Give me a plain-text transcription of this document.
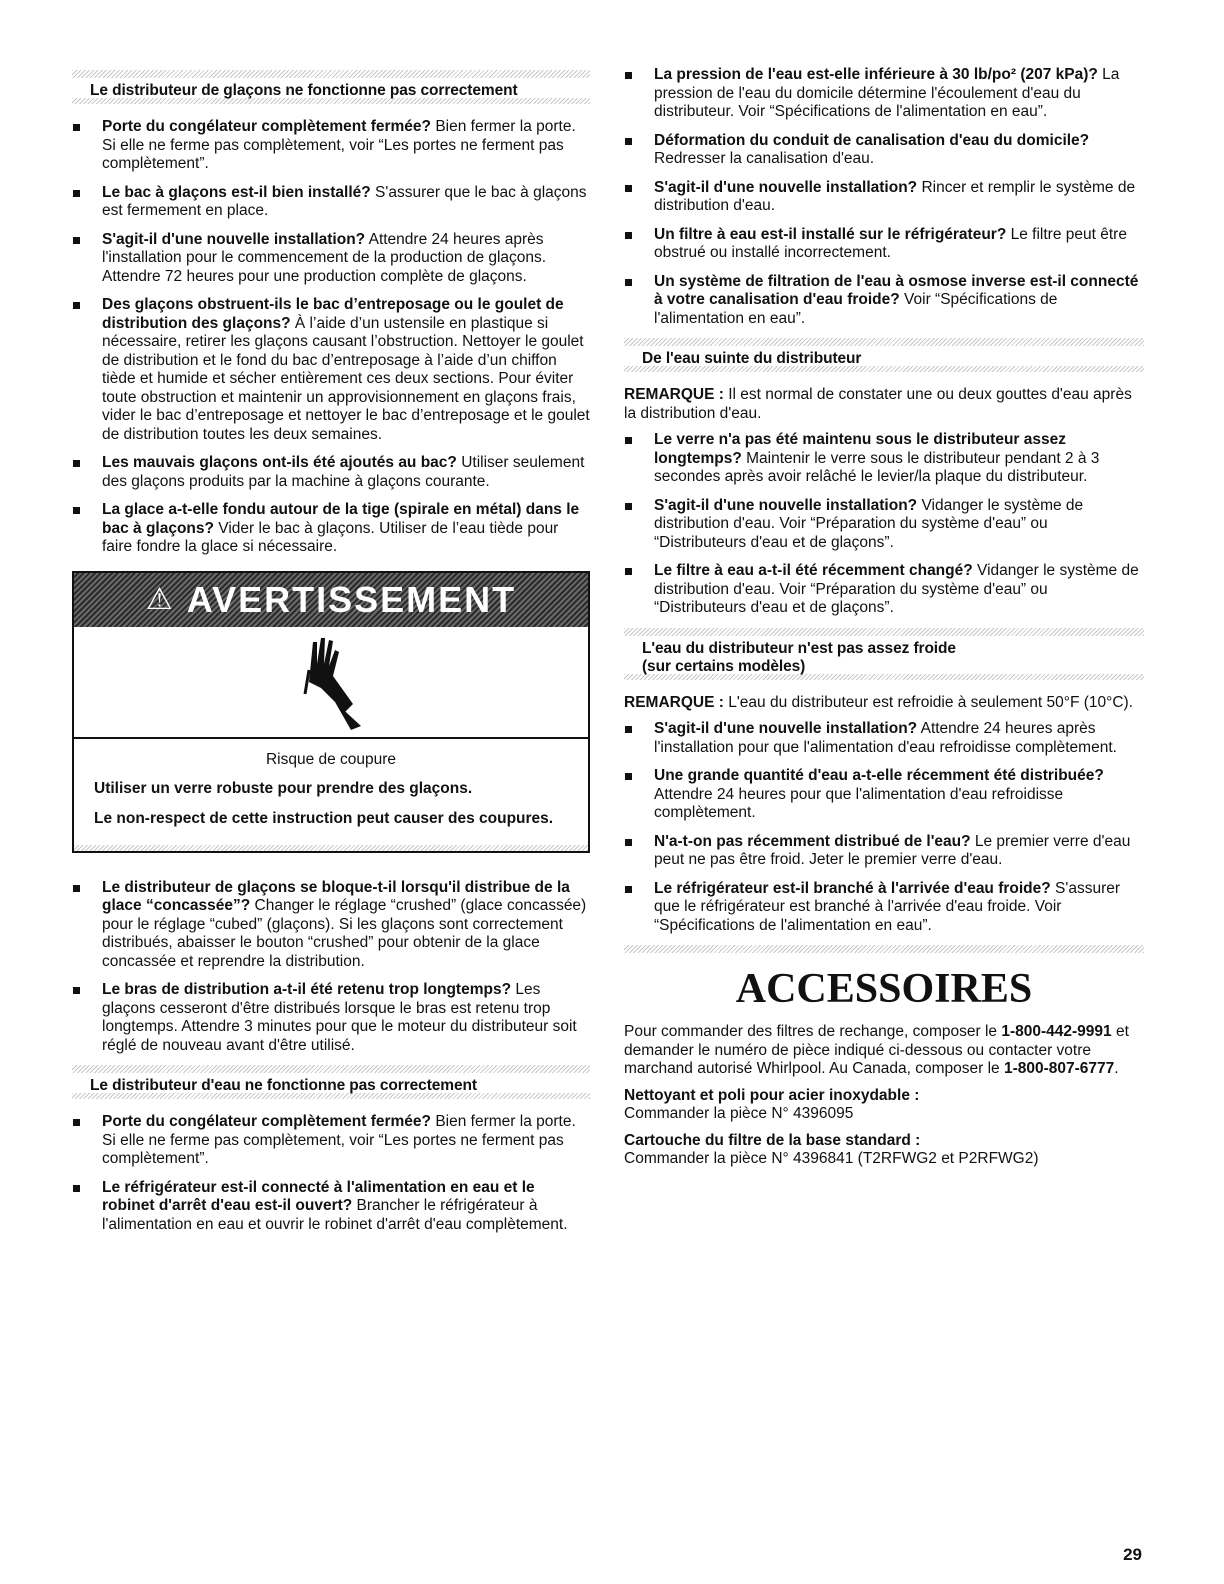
Le distributeur de glaçons ne fonctionne pas correctement
Porte du congélateur complètement fermée? Bien fermer la porte. Si elle ne ferme pas complètement, voir “Les portes ne ferment pas complètement”.
Le bac à glaçons est-il bien installé? S'assurer que le bac à glaçons est fermement en place.
S'agit-il d'une nouvelle installation? Attendre 24 heures après l'installation pour le commencement de la production de glaçons. Attendre 72 heures pour une production complète de glaçons.
Des glaçons obstruent-ils le bac d’entreposage ou le goulet de distribution des glaçons? À l’aide d’un ustensile en plastique si nécessaire, retirer les glaçons causant l’obstruction. Nettoyer le goulet de distribution et le fond du bac d’entreposage à l’aide d’un chiffon tiède et humide et sécher entièrement ces deux sections. Pour éviter toute obstruction et maintenir un approvisionnement en glaçons frais, vider le bac d’entreposage et nettoyer le bac d’entreposage et le goulet de distribution toutes les deux semaines.
Les mauvais glaçons ont-ils été ajoutés au bac? Utiliser seulement des glaçons produits par la machine à glaçons courante.
La glace a-t-elle fondu autour de la tige (spirale en métal) dans le bac à glaçons? Vider le bac à glaçons. Utiliser de l’eau tiède pour faire fondre la glace si nécessaire.
⚠ AVERTISSEMENT

Risque de coupure

Utiliser un verre robuste pour prendre des glaçons.

Le non-respect de cette instruction peut causer des coupures.

Le distributeur de glaçons se bloque-t-il lorsqu'il distribue de la glace “concassée”? Changer le réglage “crushed” (glace concassée) pour le réglage “cubed” (glaçons). Si les glaçons sont correctement distribués, abaisser le bouton “crushed” pour obtenir de la glace concassée et reprendre la distribution.
Le bras de distribution a-t-il été retenu trop longtemps? Les glaçons cesseront d'être distribués lorsque le bras est retenu trop longtemps. Attendre 3 minutes pour que le moteur du distributeur soit réglé de nouveau avant d'être utilisé.
Le distributeur d'eau ne fonctionne pas correctement
Porte du congélateur complètement fermée? Bien fermer la porte. Si elle ne ferme pas complètement, voir “Les portes ne ferment pas complètement”.
Le réfrigérateur est-il connecté à l'alimentation en eau et le robinet d'arrêt d'eau est-il ouvert? Brancher le réfrigérateur à l'alimentation en eau et ouvrir le robinet d'arrêt d'eau complètement.
La pression de l'eau est-elle inférieure à 30 lb/po² (207 kPa)? La pression de l'eau du domicile détermine l'écoulement d'eau du distributeur. Voir “Spécifications de l'alimentation en eau”.
Déformation du conduit de canalisation d'eau du domicile? Redresser la canalisation d'eau.
S'agit-il d'une nouvelle installation? Rincer et remplir le système de distribution d'eau.
Un filtre à eau est-il installé sur le réfrigérateur? Le filtre peut être obstrué ou installé incorrectement.
Un système de filtration de l'eau à osmose inverse est-il connecté à votre canalisation d'eau froide? Voir “Spécifications de l'alimentation en eau”.
De l'eau suinte du distributeur

REMARQUE : Il est normal de constater une ou deux gouttes d'eau après la distribution d'eau.

Le verre n'a pas été maintenu sous le distributeur assez longtemps? Maintenir le verre sous le distributeur pendant 2 à 3 secondes après avoir relâché le levier/la plaque du distributeur.
S'agit-il d'une nouvelle installation? Vidanger le système de distribution d'eau. Voir “Préparation du système d'eau” ou “Distributeurs d'eau et de glaçons”.
Le filtre à eau a-t-il été récemment changé? Vidanger le système de distribution d'eau. Voir “Préparation du système d'eau” ou “Distributeurs d'eau et de glaçons”.
L'eau du distributeur n'est pas assez froide
(sur certains modèles)

REMARQUE : L'eau du distributeur est refroidie à seulement 50°F (10°C).

S'agit-il d'une nouvelle installation? Attendre 24 heures après l'installation pour que l'alimentation d'eau refroidisse complètement.
Une grande quantité d'eau a-t-elle récemment été distribuée? Attendre 24 heures pour que l'alimentation d'eau refroidisse complètement.
N'a-t-on pas récemment distribué de l'eau? Le premier verre d'eau peut ne pas être froid. Jeter le premier verre d'eau.
Le réfrigérateur est-il branché à l'arrivée d'eau froide? S'assurer que le réfrigérateur est branché à l'arrivée d'eau froide. Voir “Spécifications de l'alimentation en eau”.
ACCESSOIRES

Pour commander des filtres de rechange, composer le 1-800-442-9991 et demander le numéro de pièce indiqué ci-dessous ou contacter votre marchand autorisé Whirlpool. Au Canada, composer le 1-800-807-6777.

Nettoyant et poli pour acier inoxydable :
Commander la pièce N° 4396095

Cartouche du filtre de la base standard :
Commander la pièce N° 4396841 (T2RFWG2 et P2RFWG2)

29
